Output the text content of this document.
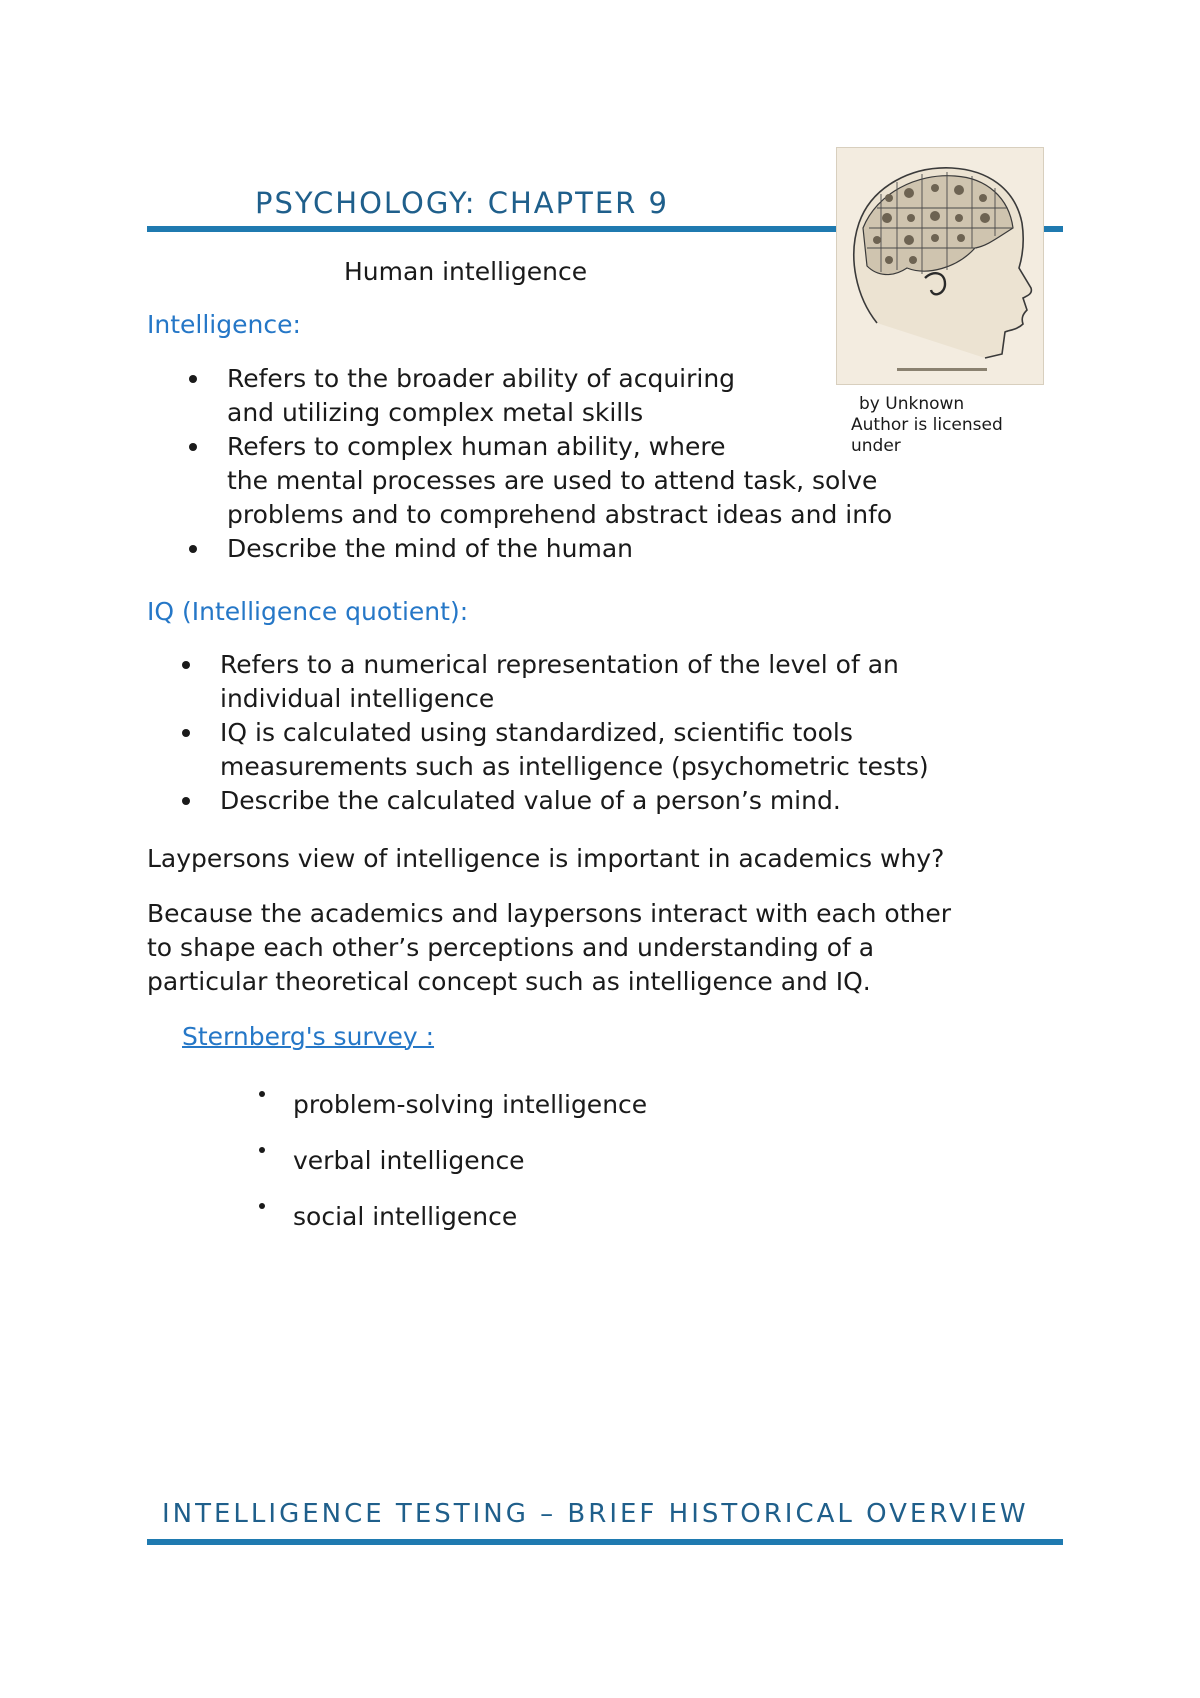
PSYCHOLOGY: CHAPTER 9
by Unknown
Author is licensed
under
Human intelligence
Intelligence:
Refers to the broader ability of acquiring
and utilizing complex metal skills
Refers to complex human ability, where
the mental processes are used to attend task, solve
problems and to comprehend abstract ideas and info
Describe the mind of the human
IQ (Intelligence quotient):
Refers to a numerical representation of the level of an
individual intelligence
IQ is calculated using standardized, scientific tools
measurements such as intelligence (psychometric tests)
Describe the calculated value of a person’s mind.
Laypersons view of intelligence is important in academics why?
Because the academics and laypersons interact with each other
to shape each other’s perceptions and understanding of a
particular theoretical concept such as intelligence and IQ.
Sternberg's survey :
problem-solving intelligence
verbal intelligence
social intelligence
INTELLIGENCE TESTING – BRIEF HISTORICAL OVERVIEW
